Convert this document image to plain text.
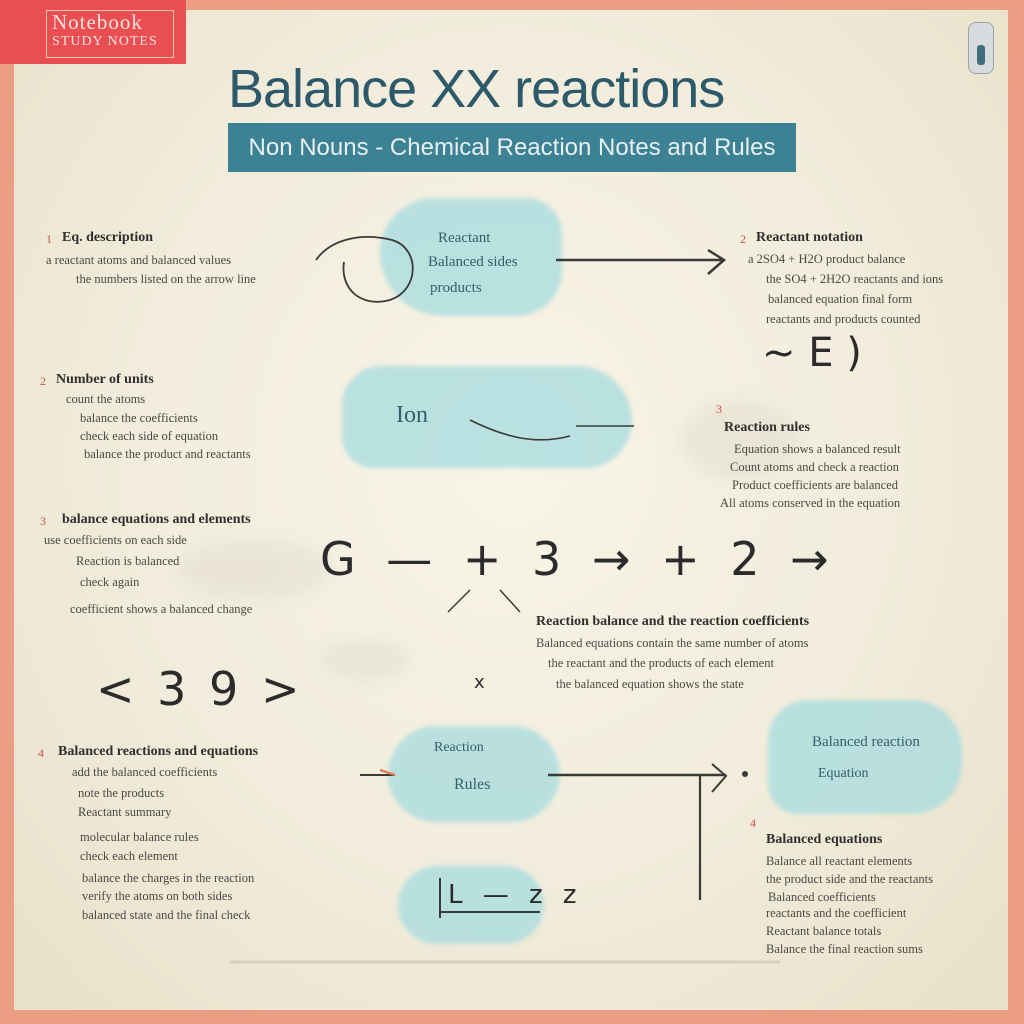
Notebook
STUDY NOTES
Balance XX reactions
Non Nouns - Chemical Reaction Notes and Rules
Reactant
Balanced sides
products
Ion
Reaction
Rules
Balanced reaction
Equation
~ E )
G — + 3 → + 2 →
< 3 9 >	x
L — z z
1 Eq. description
a reactant atoms and balanced values
the numbers listed on the arrow line
2 Number of units
count the atoms
balance the coefficients
check each side of equation
balance the product and reactants
3 balance equations and elements
use coefficients on each side
Reaction is balanced
check again
coefficient shows a balanced change
4 Balanced reactions and equations
add the balanced coefficients
note the products
Reactant summary
molecular balance rules
check each element
balance the charges in the reaction
verify the atoms on both sides
balanced state and the final check
2 Reactant notation
a 2SO4 + H2O product balance
the SO4 + 2H2O reactants and ions
balanced equation final form
reactants and products counted
3
Reaction rules
Equation shows a balanced result
Count atoms and check a reaction
Product coefficients are balanced
All atoms conserved in the equation
Reaction balance and the reaction coefficients
Balanced equations contain the same number of atoms
the reactant and the products of each element
the balanced equation shows the state
4
Balanced equations
Balance all reactant elements
the product side and the reactants
Balanced coefficients
reactants and the coefficient
Reactant balance totals
Balance the final reaction sums
